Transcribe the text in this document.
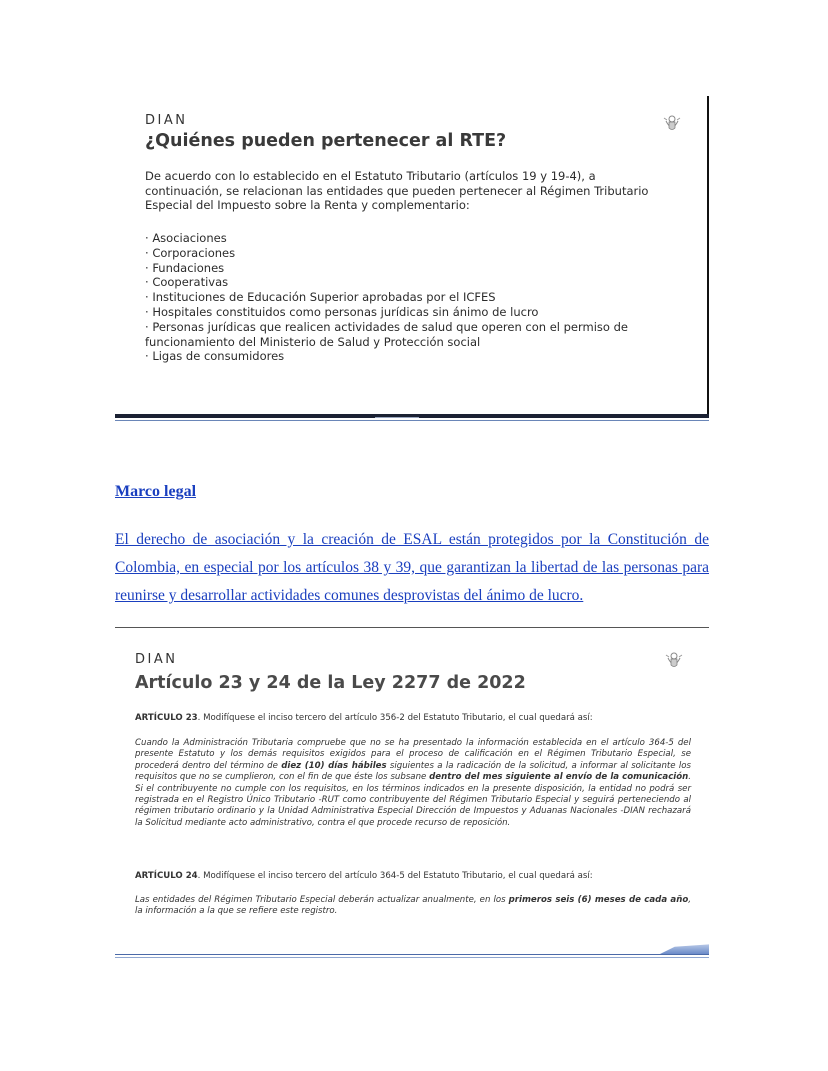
DIAN
¿Quiénes pueden pertenecer al RTE?

De acuerdo con lo establecido en el Estatuto Tributario (artículos 19 y 19-4), a continuación, se relacionan las entidades que pueden pertenecer al Régimen Tributario Especial del Impuesto sobre la Renta y complementario:

· Asociaciones
· Corporaciones
· Fundaciones
· Cooperativas
· Instituciones de Educación Superior aprobadas por el ICFES
· Hospitales constituidos como personas jurídicas sin ánimo de lucro
· Personas jurídicas que realicen actividades de salud que operen con el permiso de funcionamiento del Ministerio de Salud y Protección social
· Ligas de consumidores
Marco legal

El derecho de asociación y la creación de ESAL están protegidos por la Constitución de Colombia, en especial por los artículos 38 y 39, que garantizan la libertad de las personas para reunirse y desarrollar actividades comunes desprovistas del ánimo de lucro.

DIAN
Artículo 23 y 24 de la Ley 2277 de 2022

ARTÍCULO 23. Modifíquese el inciso tercero del artículo 356-2 del Estatuto Tributario, el cual quedará así:

Cuando la Administración Tributaria compruebe que no se ha presentado la información establecida en el artículo 364-5 del presente Estatuto y los demás requisitos exigidos para el proceso de calificación en el Régimen Tributario Especial, se procederá dentro del término de diez (10) días hábiles siguientes a la radicación de la solicitud, a informar al solicitante los requisitos que no se cumplieron, con el fin de que éste los subsane dentro del mes siguiente al envío de la comunicación. Si el contribuyente no cumple con los requisitos, en los términos indicados en la presente disposición, la entidad no podrá ser registrada en el Registro Único Tributario -RUT como contribuyente del Régimen Tributario Especial y seguirá perteneciendo al régimen tributario ordinario y la Unidad Administrativa Especial Dirección de Impuestos y Aduanas Nacionales -DIAN rechazará la Solicitud mediante acto administrativo, contra el que procede recurso de reposición.

ARTÍCULO 24. Modifíquese el inciso tercero del artículo 364-5 del Estatuto Tributario, el cual quedará así:

Las entidades del Régimen Tributario Especial deberán actualizar anualmente, en los primeros seis (6) meses de cada año, la información a la que se refiere este registro.
